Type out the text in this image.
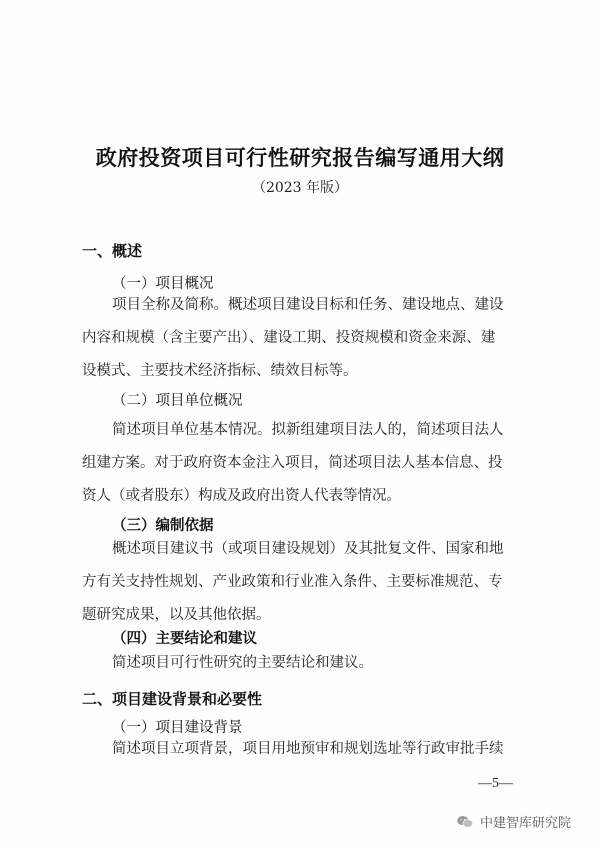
政府投资项目可行性研究报告编写通用大纲
（2023 年版）
一、概述
（一）项目概况
项目全称及简称。概述项目建设目标和任务、建设地点、建设
内容和规模（含主要产出）、建设工期、投资规模和资金来源、建
设模式、主要技术经济指标、绩效目标等。
（二）项目单位概况
简述项目单位基本情况。拟新组建项目法人的，简述项目法人
组建方案。对于政府资本金注入项目，简述项目法人基本信息、投
资人（或者股东）构成及政府出资人代表等情况。
（三）编制依据
概述项目建议书（或项目建设规划）及其批复文件、国家和地
方有关支持性规划、产业政策和行业准入条件、主要标准规范、专
题研究成果，以及其他依据。
（四）主要结论和建议
简述项目可行性研究的主要结论和建议。
二、项目建设背景和必要性
（一）项目建设背景
简述项目立项背景，项目用地预审和规划选址等行政审批手续
—5—
中建智库研究院
